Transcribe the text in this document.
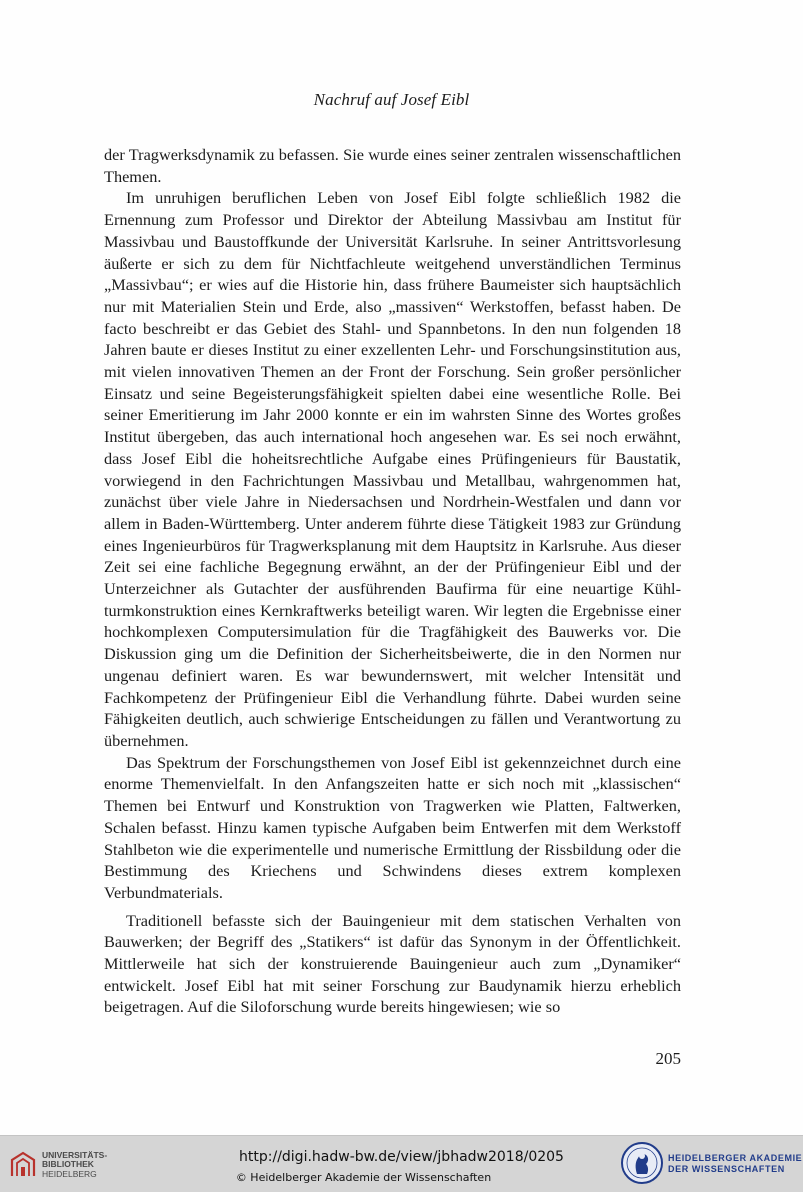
Nachruf auf Josef Eibl

der Tragwerksdynamik zu befassen. Sie wurde eines seiner zentralen wissenschaftlichen Themen.

Im unruhigen beruflichen Leben von Josef Eibl folgte schließlich 1982 die Ernennung zum Professor und Direktor der Abteilung Massivbau am Institut für Massivbau und Baustoffkunde der Universität Karlsruhe. In seiner Antrittsvorlesung äußerte er sich zu dem für Nichtfachleute weitgehend unverständlichen Terminus „Massivbau“; er wies auf die Historie hin, dass frühere Baumeister sich hauptsächlich nur mit Materialien Stein und Erde, also „massiven“ Werkstoffen, befasst haben. De facto beschreibt er das Gebiet des Stahl- und Spannbetons. In den nun folgenden 18 Jahren baute er dieses Institut zu einer exzellenten Lehr- und Forschungsinstitution aus, mit vielen innovativen Themen an der Front der Forschung. Sein großer persönlicher Einsatz und seine Begeisterungsfähigkeit spielten dabei eine wesentliche Rolle. Bei seiner Emeritierung im Jahr 2000 konnte er ein im wahrsten Sinne des Wortes großes Institut übergeben, das auch international hoch angesehen war. Es sei noch erwähnt, dass Josef Eibl die hoheitsrechtliche Aufgabe eines Prüfingenieurs für Baustatik, vorwiegend in den Fachrichtungen Massivbau und Metallbau, wahrgenommen hat, zunächst über viele Jahre in Niedersachsen und Nordrhein-Westfalen und dann vor allem in Baden-Württemberg. Unter anderem führte diese Tätigkeit 1983 zur Gründung eines Ingenieurbüros für Tragwerksplanung mit dem Hauptsitz in Karlsruhe. Aus dieser Zeit sei eine fachliche Begegnung erwähnt, an der der Prüfingenieur Eibl und der Unterzeichner als Gutachter der ausführenden Baufirma für eine neuartige Kühlturmkonstruktion eines Kernkraftwerks beteiligt waren. Wir legten die Ergebnisse einer hochkomplexen Computersimulation für die Tragfähigkeit des Bauwerks vor. Die Diskussion ging um die Definition der Sicherheitsbeiwerte, die in den Normen nur ungenau definiert waren. Es war bewundernswert, mit welcher Intensität und Fachkompetenz der Prüfingenieur Eibl die Verhandlung führte. Dabei wurden seine Fähigkeiten deutlich, auch schwierige Entscheidungen zu fällen und Verantwortung zu übernehmen.

Das Spektrum der Forschungsthemen von Josef Eibl ist gekennzeichnet durch eine enorme Themenvielfalt. In den Anfangszeiten hatte er sich noch mit „klassischen“ Themen bei Entwurf und Konstruktion von Tragwerken wie Platten, Faltwerken, Schalen befasst. Hinzu kamen typische Aufgaben beim Entwerfen mit dem Werkstoff Stahlbeton wie die experimentelle und numerische Ermittlung der Rissbildung oder die Bestimmung des Kriechens und Schwindens dieses extrem komplexen Verbundmaterials.

Traditionell befasste sich der Bauingenieur mit dem statischen Verhalten von Bauwerken; der Begriff des „Statikers“ ist dafür das Synonym in der Öffentlichkeit. Mittlerweile hat sich der konstruierende Bauingenieur auch zum „Dynamiker“ entwickelt. Josef Eibl hat mit seiner Forschung zur Baudynamik hierzu erheblich beigetragen. Auf die Siloforschung wurde bereits hingewiesen; wie so

205
UNIVERSITÄTS-
BIBLIOTHEK
HEIDELBERG
http://digi.hadw-bw.de/view/jbhadw2018/0205
© Heidelberger Akademie der Wissenschaften
HEIDELBERGER AKADEMIE
DER WISSENSCHAFTEN
